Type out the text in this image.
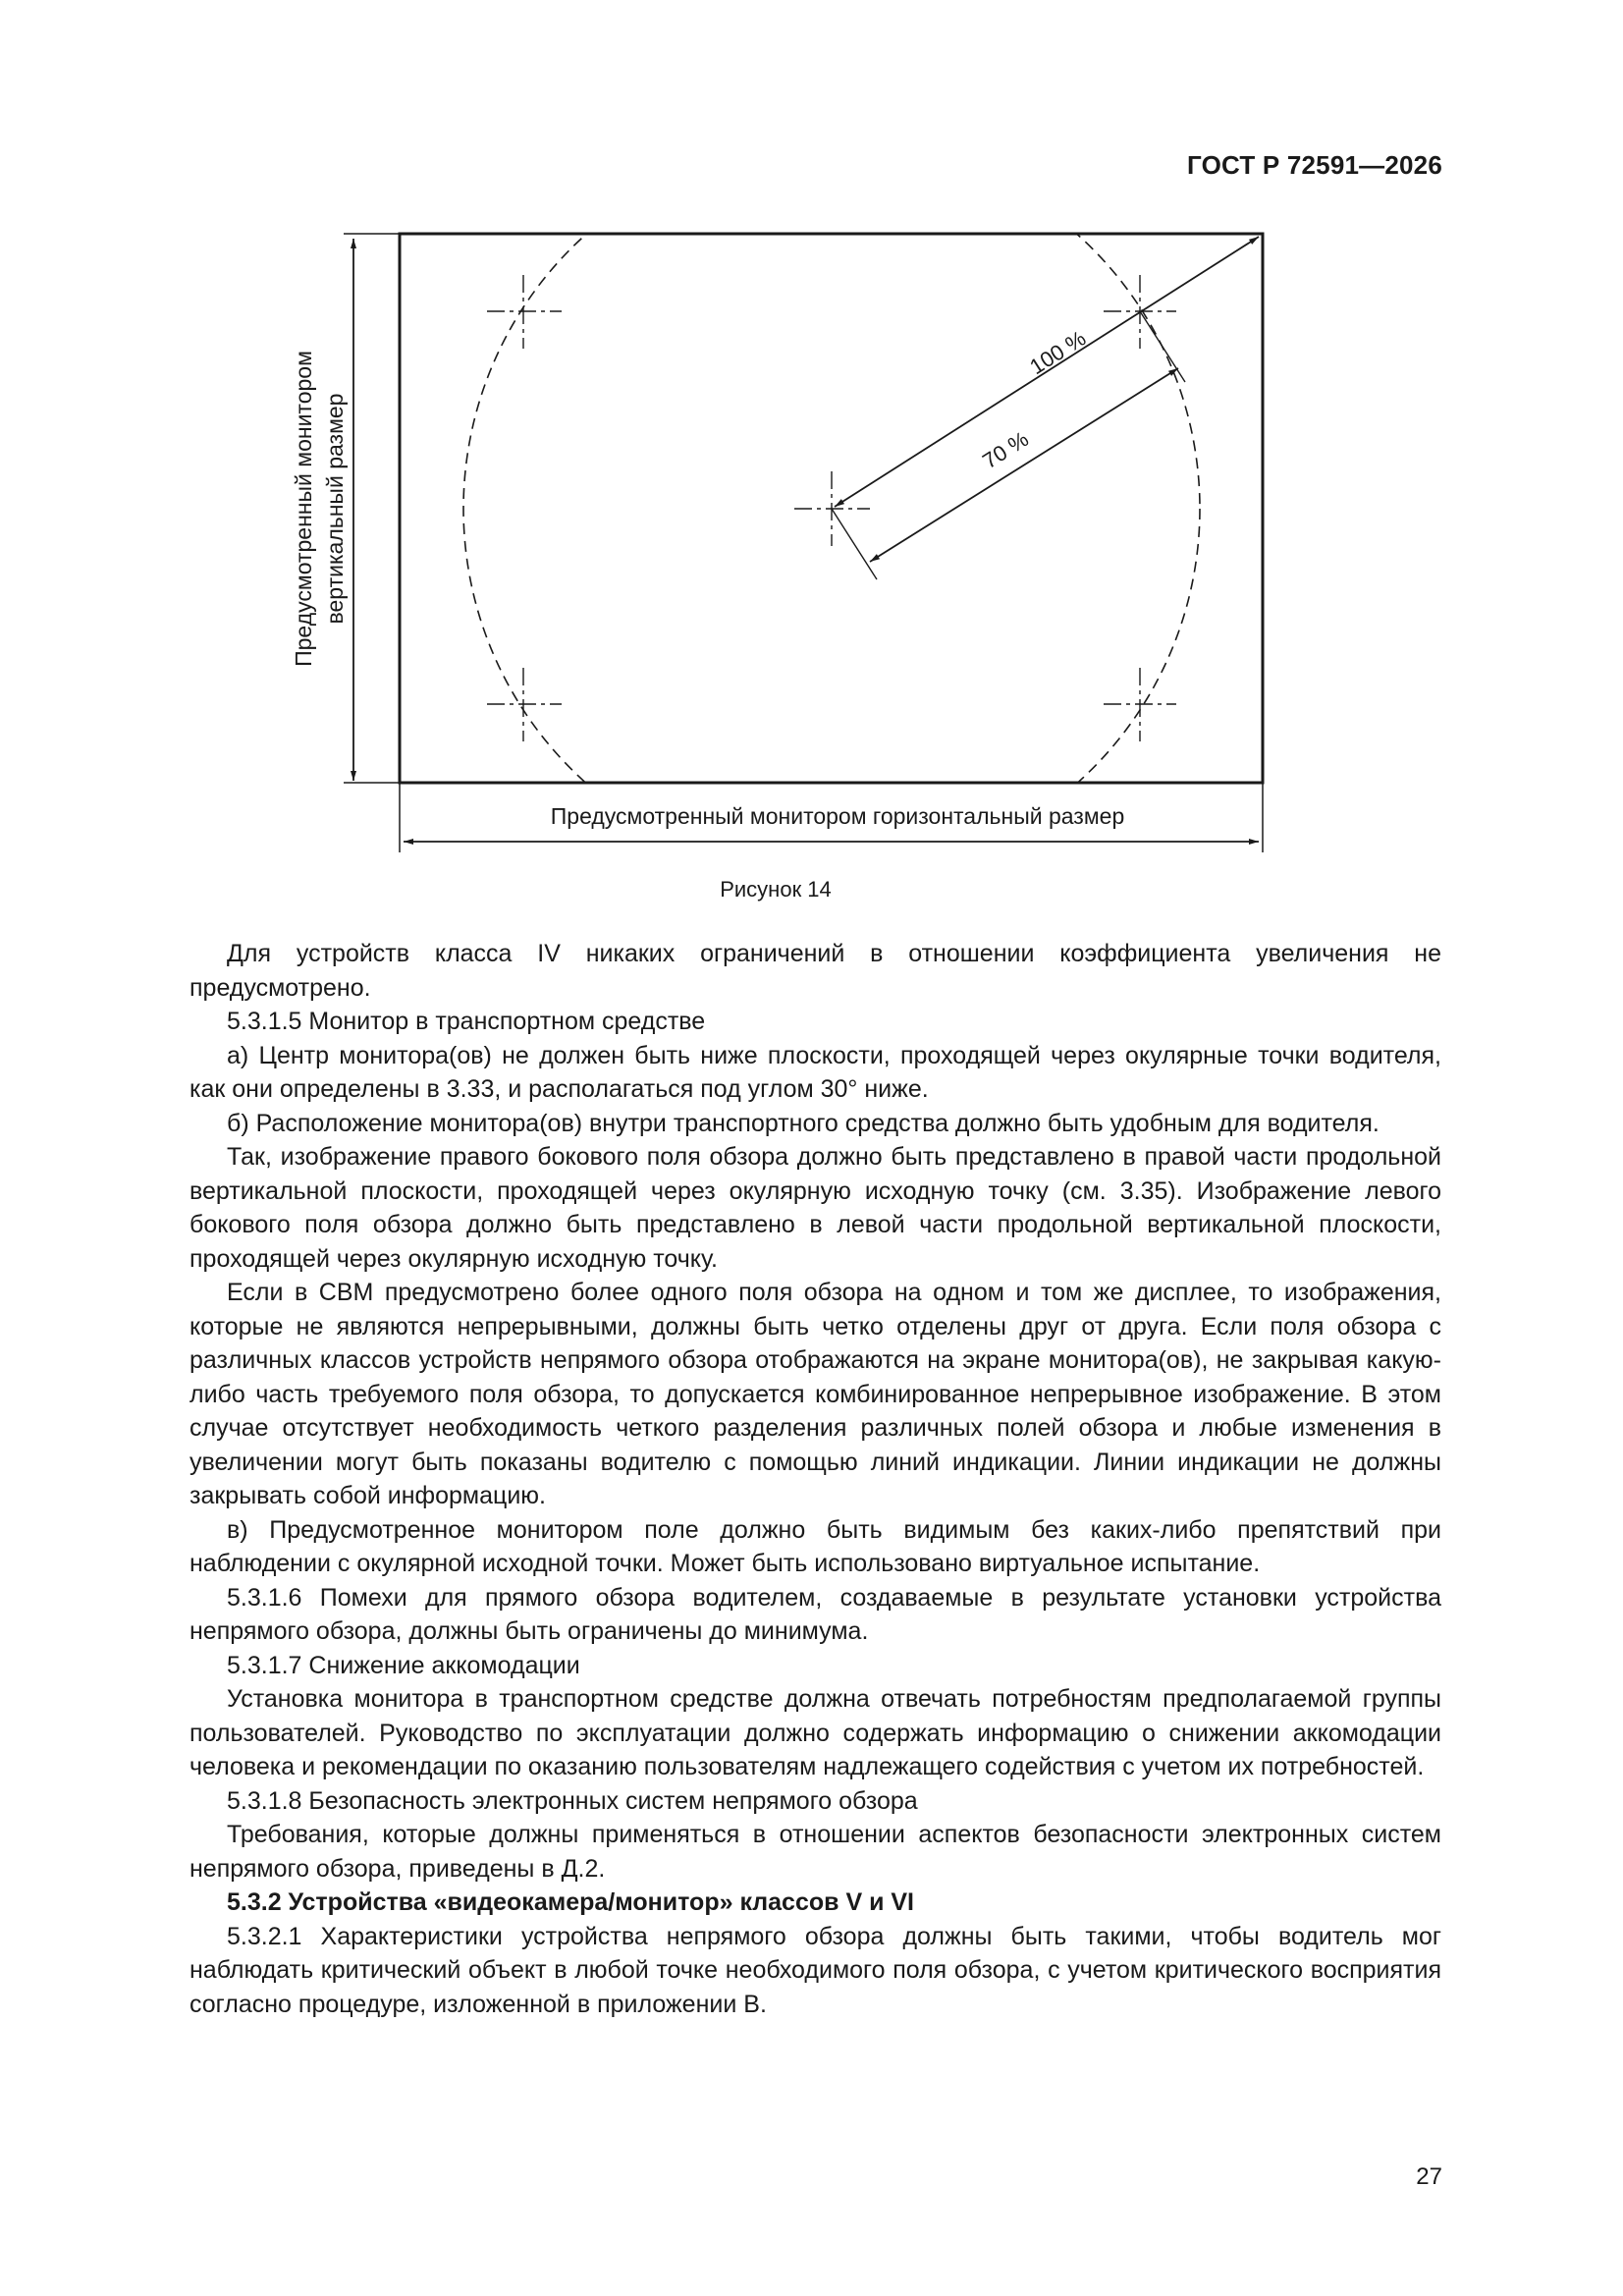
ГОСТ Р 72591—2026
100 %
70 %
Предусмотренный монитором вертикальный размер
Предусмотренный монитором горизонтальный размер
Рисунок 14

Для устройств класса IV никаких ограничений в отношении коэффициента увеличения не предусмотрено.

5.3.1.5 Монитор в транспортном средстве

а) Центр монитора(ов) не должен быть ниже плоскости, проходящей через окулярные точки водителя, как они определены в 3.33, и располагаться под углом 30° ниже.

б) Расположение монитора(ов) внутри транспортного средства должно быть удобным для водителя.

Так, изображение правого бокового поля обзора должно быть представлено в правой части продольной вертикальной плоскости, проходящей через окулярную исходную точку (см. 3.35). Изображение левого бокового поля обзора должно быть представлено в левой части продольной вертикальной плоскости, проходящей через окулярную исходную точку.

Если в СВМ предусмотрено более одного поля обзора на одном и том же дисплее, то изображения, которые не являются непрерывными, должны быть четко отделены друг от друга. Если поля обзора с различных классов устройств непрямого обзора отображаются на экране монитора(ов), не закрывая какую-либо часть требуемого поля обзора, то допускается комбинированное непрерывное изображение. В этом случае отсутствует необходимость четкого разделения различных полей обзора и любые изменения в увеличении могут быть показаны водителю с помощью линий индикации. Линии индикации не должны закрывать собой информацию.

в) Предусмотренное монитором поле должно быть видимым без каких-либо препятствий при наблюдении с окулярной исходной точки. Может быть использовано виртуальное испытание.

5.3.1.6 Помехи для прямого обзора водителем, создаваемые в результате установки устройства непрямого обзора, должны быть ограничены до минимума.

5.3.1.7 Снижение аккомодации

Установка монитора в транспортном средстве должна отвечать потребностям предполагаемой группы пользователей. Руководство по эксплуатации должно содержать информацию о снижении аккомодации человека и рекомендации по оказанию пользователям надлежащего содействия с учетом их потребностей.

5.3.1.8 Безопасность электронных систем непрямого обзора

Требования, которые должны применяться в отношении аспектов безопасности электронных систем непрямого обзора, приведены в Д.2.

5.3.2 Устройства «видеокамера/монитор» классов V и VI

5.3.2.1 Характеристики устройства непрямого обзора должны быть такими, чтобы водитель мог наблюдать критический объект в любой точке необходимого поля обзора, с учетом критического восприятия согласно процедуре, изложенной в приложении В.

27
